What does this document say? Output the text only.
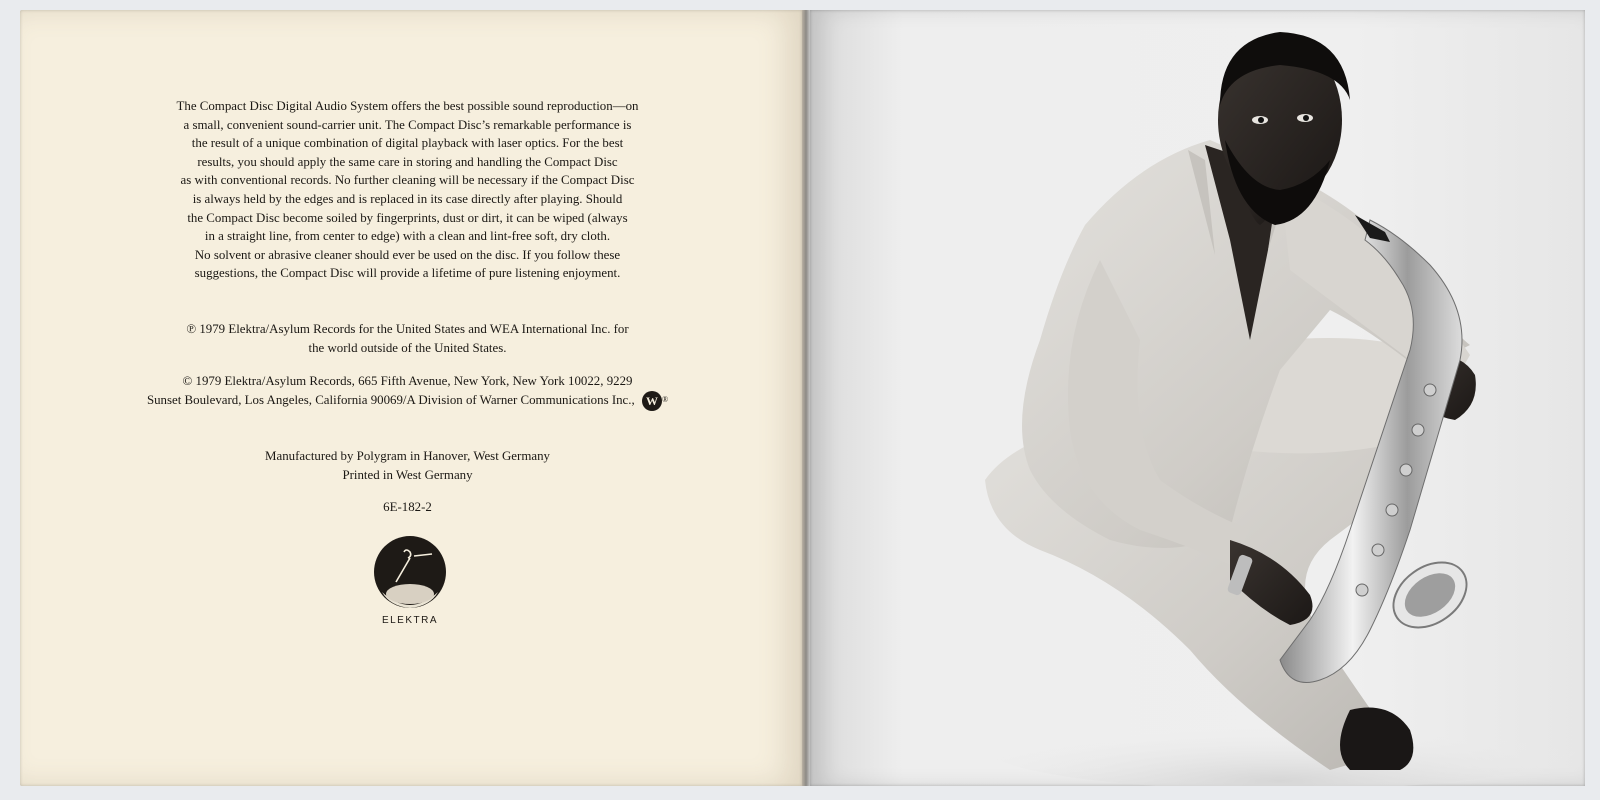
The Compact Disc Digital Audio System offers the best possible sound reproduction—on
a small, convenient sound-carrier unit. The Compact Disc’s remarkable performance is
the result of a unique combination of digital playback with laser optics. For the best
results, you should apply the same care in storing and handling the Compact Disc
as with conventional records. No further cleaning will be necessary if the Compact Disc
is always held by the edges and is replaced in its case directly after playing. Should
the Compact Disc become soiled by fingerprints, dust or dirt, it can be wiped (always
in a straight line, from center to edge) with a clean and lint-free soft, dry cloth.
No solvent or abrasive cleaner should ever be used on the disc. If you follow these
suggestions, the Compact Disc will provide a lifetime of pure listening enjoyment.
℗ 1979 Elektra/Asylum Records for the United States and WEA International Inc. for
the world outside of the United States.
© 1979 Elektra/Asylum Records, 665 Fifth Avenue, New York, New York 10022, 9229
Sunset Boulevard, Los Angeles, California 90069/A Division of Warner Communications Inc., W ®
Manufactured by Polygram in Hanover, West Germany
Printed in West Germany
6E-182-2
ELEKTRA
